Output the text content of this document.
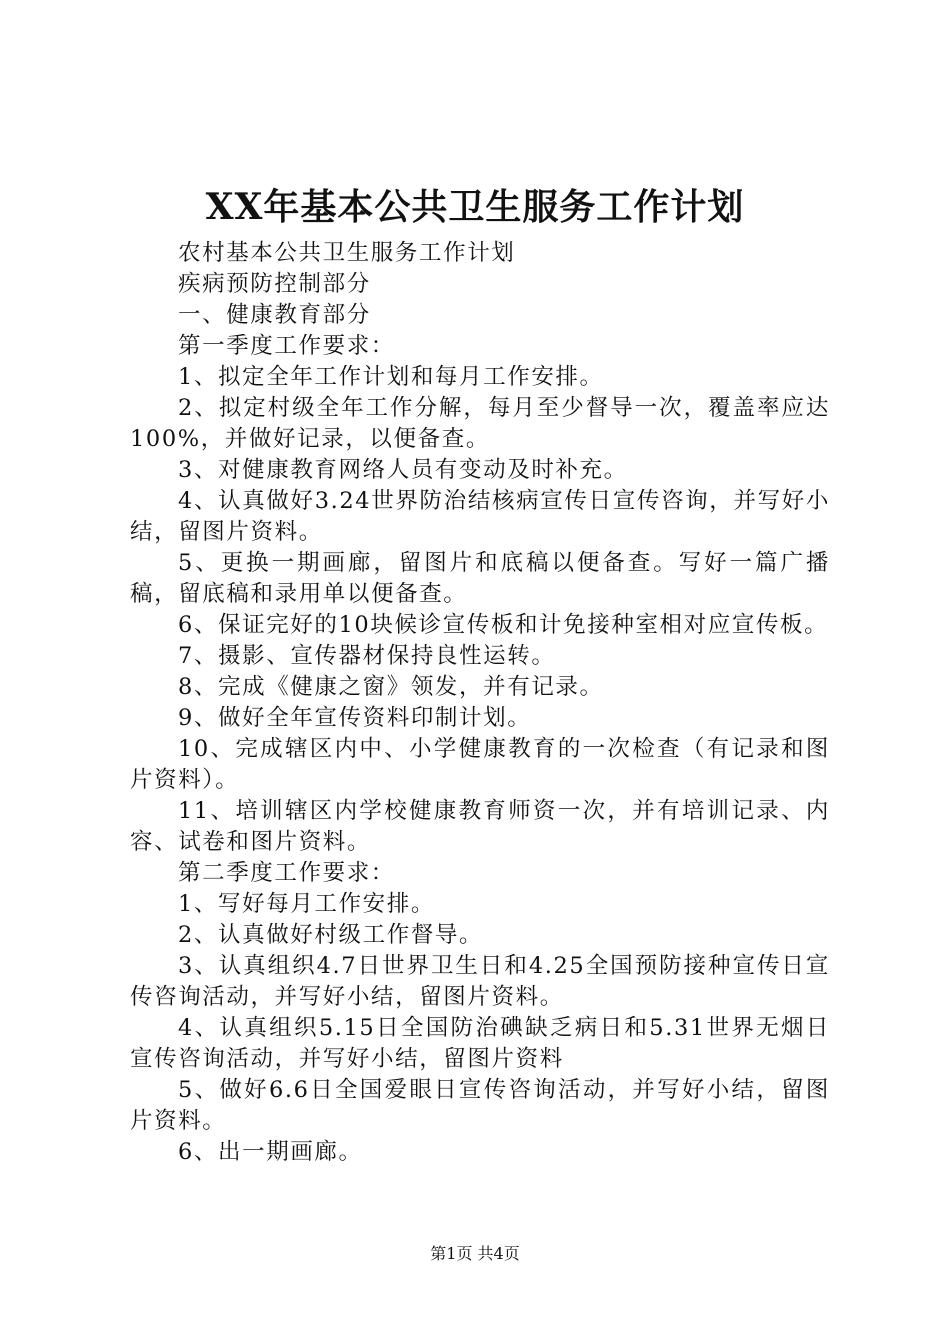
XX年基本公共卫生服务工作计划

农村基本公共卫生服务工作计划

疾病预防控制部分

一、健康教育部分

第一季度工作要求：

1、拟定全年工作计划和每月工作安排。

2、拟定村级全年工作分解，每月至少督导一次，覆盖率应达100%，并做好记录，以便备查。

3、对健康教育网络人员有变动及时补充。

4、认真做好3.24世界防治结核病宣传日宣传咨询，并写好小结，留图片资料。

5、更换一期画廊，留图片和底稿以便备查。写好一篇广播稿，留底稿和录用单以便备查。

6、保证完好的10块候诊宣传板和计免接种室相对应宣传板。

7、摄影、宣传器材保持良性运转。

8、完成《健康之窗》领发，并有记录。

9、做好全年宣传资料印制计划。

10、完成辖区内中、小学健康教育的一次检查（有记录和图片资料）。

11、培训辖区内学校健康教育师资一次，并有培训记录、内容、试卷和图片资料。

第二季度工作要求：

1、写好每月工作安排。

2、认真做好村级工作督导。

3、认真组织4.7日世界卫生日和4.25全国预防接种宣传日宣传咨询活动，并写好小结，留图片资料。

4、认真组织5.15日全国防治碘缺乏病日和5.31世界无烟日宣传咨询活动，并写好小结，留图片资料

5、做好6.6日全国爱眼日宣传咨询活动，并写好小结，留图片资料。

6、出一期画廊。

第1页 共4页
